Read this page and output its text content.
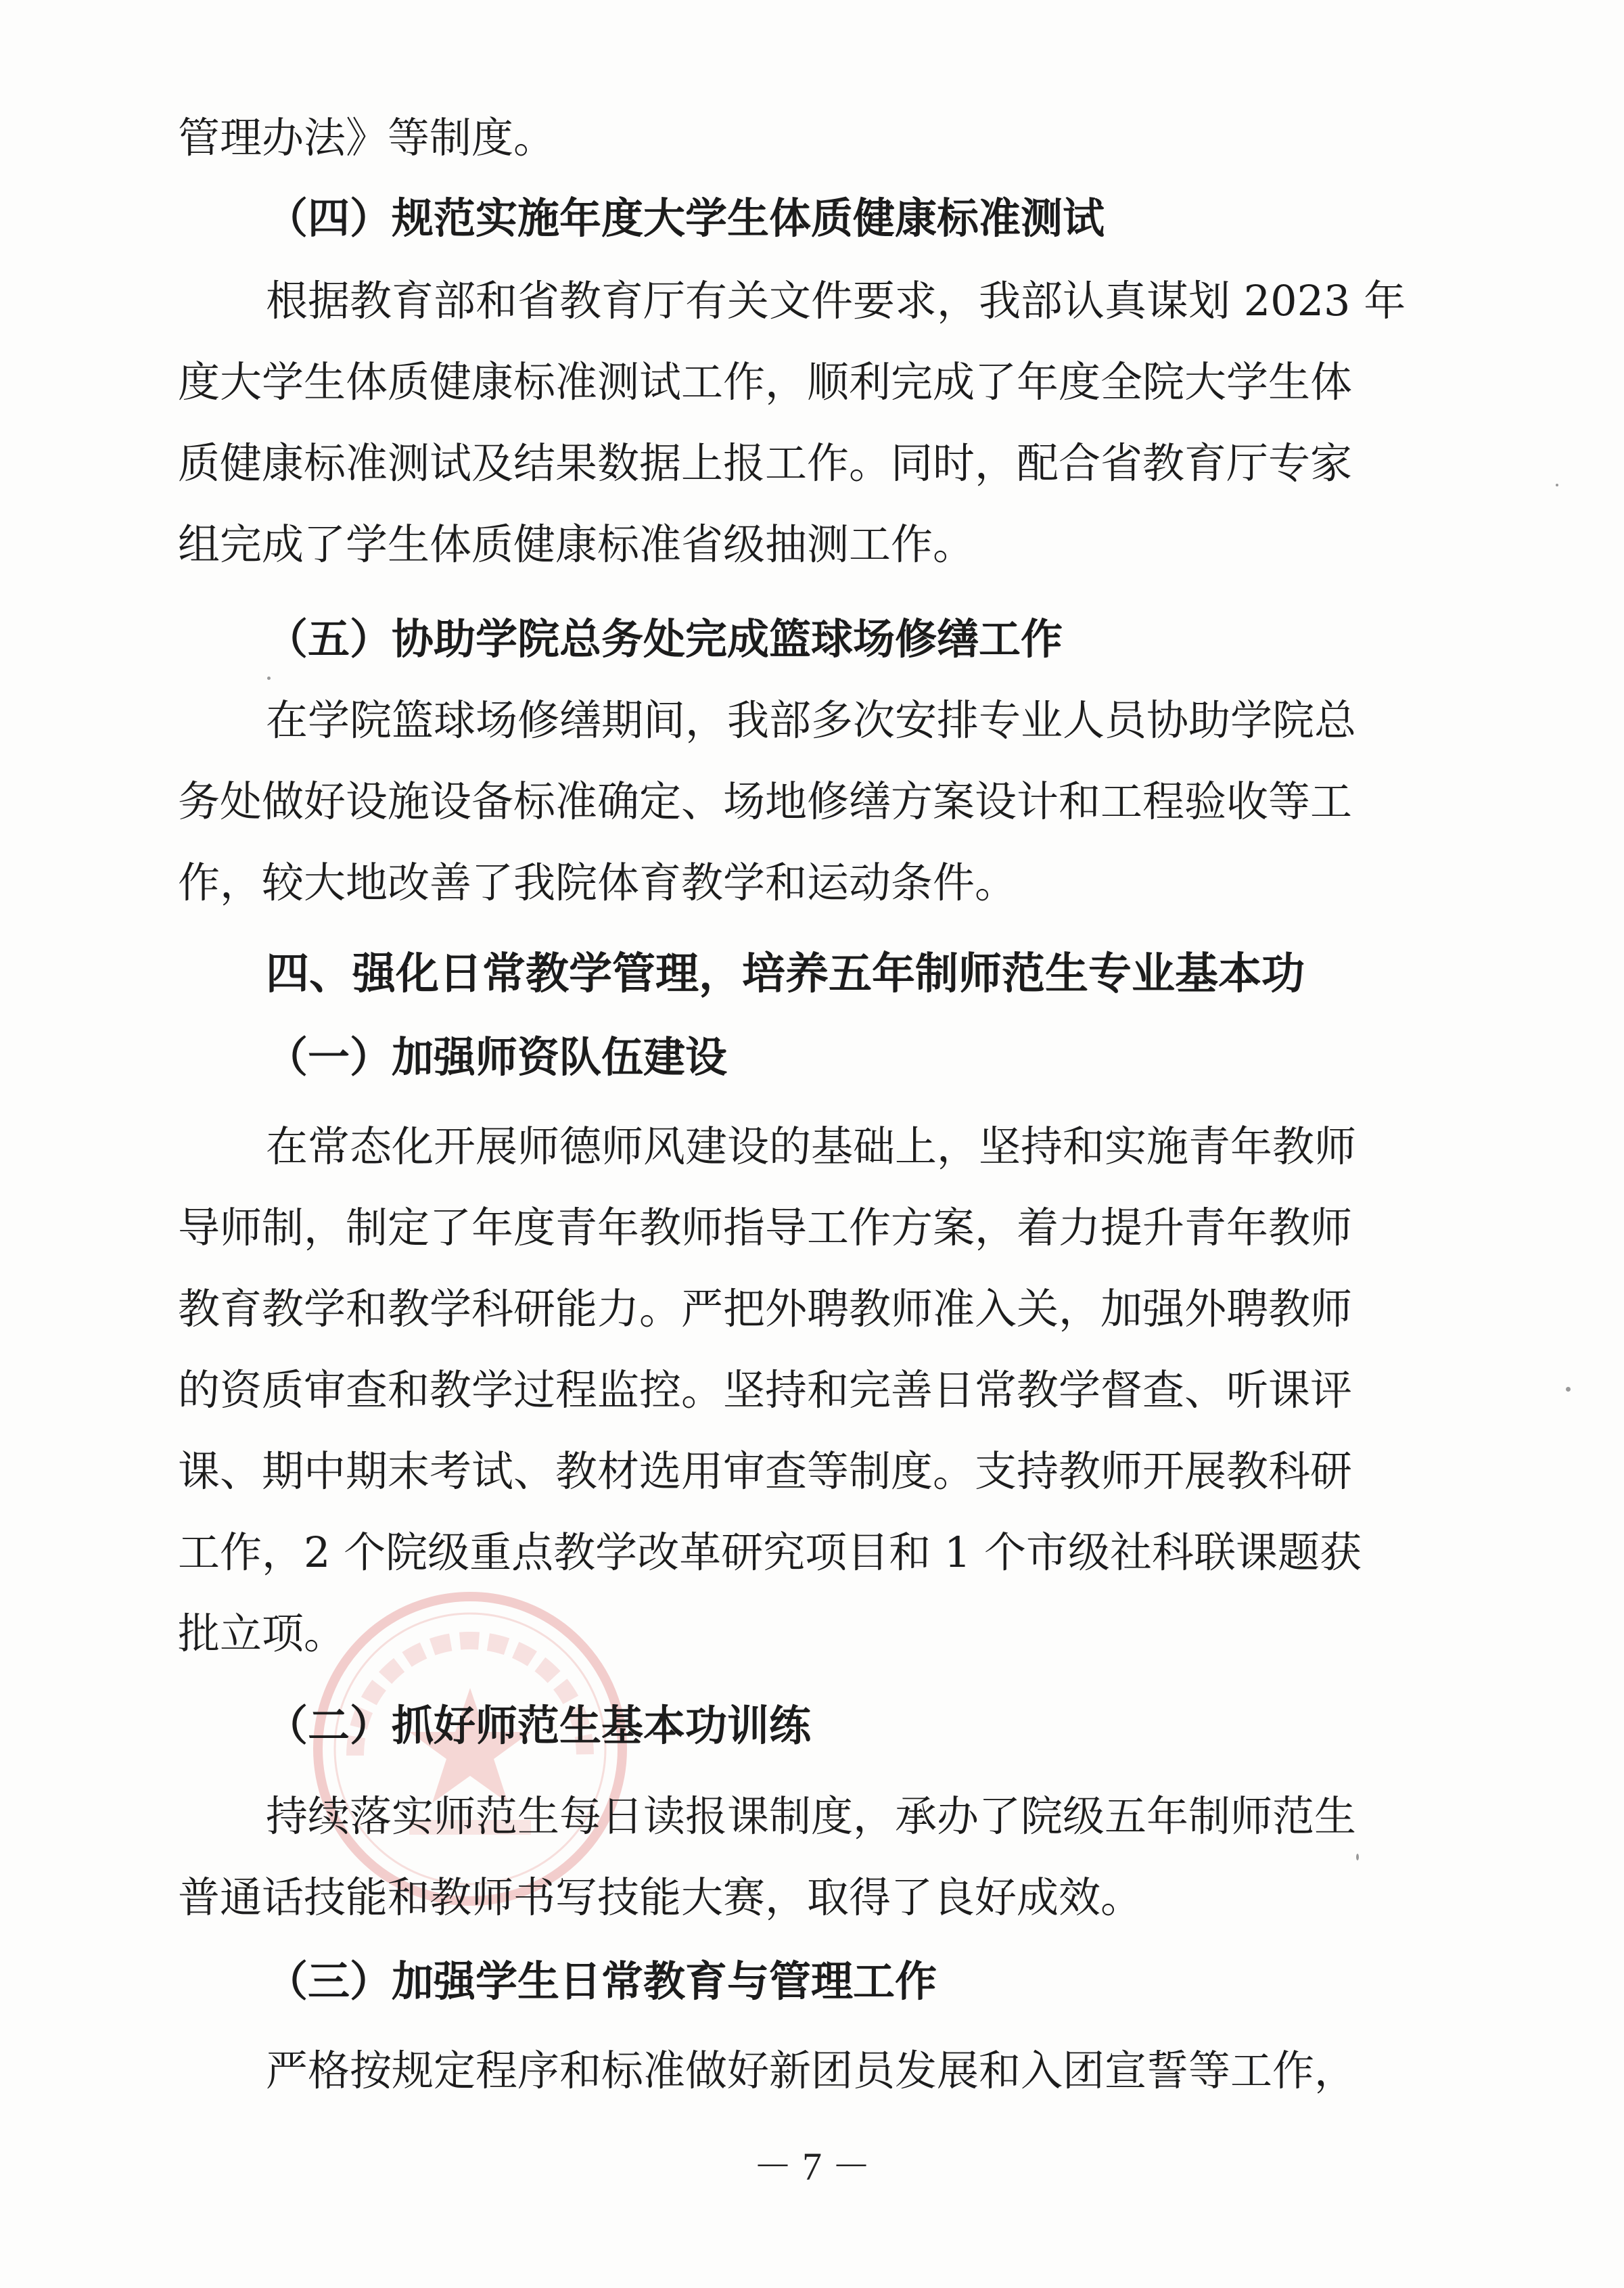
管理办法》等制度。
（四）规范实施年度大学生体质健康标准测试
根据教育部和省教育厅有关文件要求，我部认真谋划 2023 年
度大学生体质健康标准测试工作，顺利完成了年度全院大学生体
质健康标准测试及结果数据上报工作。同时，配合省教育厅专家
组完成了学生体质健康标准省级抽测工作。
（五）协助学院总务处完成篮球场修缮工作
在学院篮球场修缮期间，我部多次安排专业人员协助学院总
务处做好设施设备标准确定、场地修缮方案设计和工程验收等工
作，较大地改善了我院体育教学和运动条件。
四、强化日常教学管理，培养五年制师范生专业基本功
（一）加强师资队伍建设
在常态化开展师德师风建设的基础上，坚持和实施青年教师
导师制，制定了年度青年教师指导工作方案，着力提升青年教师
教育教学和教学科研能力。严把外聘教师准入关，加强外聘教师
的资质审查和教学过程监控。坚持和完善日常教学督查、听课评
课、期中期末考试、教材选用审查等制度。支持教师开展教科研
工作，2 个院级重点教学改革研究项目和 1 个市级社科联课题获
批立项。
（二）抓好师范生基本功训练
持续落实师范生每日读报课制度，承办了院级五年制师范生
普通话技能和教师书写技能大赛，取得了良好成效。
（三）加强学生日常教育与管理工作
严格按规定程序和标准做好新团员发展和入团宣誓等工作，
－ 7 －
